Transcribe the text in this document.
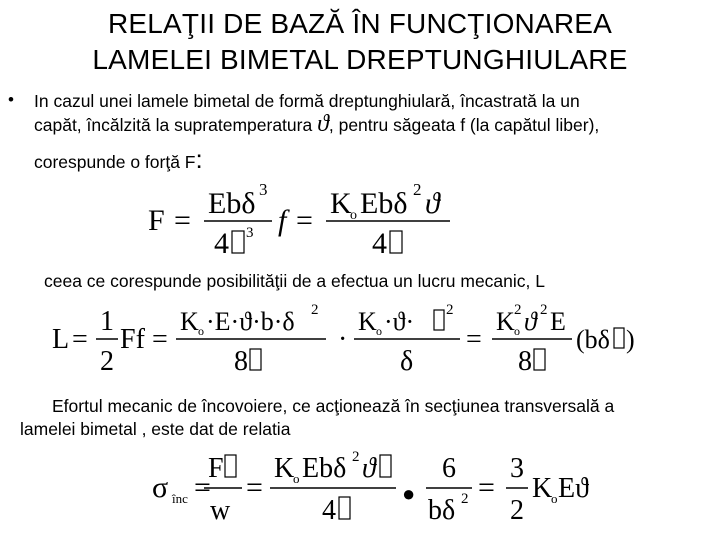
RELAŢII DE BAZĂ ÎN FUNCŢIONAREA
LAMELEI BIMETAL DREPTUNGHIULARE
• In cazul unei lamele bimetal de formă dreptunghiulară, încastrată la un
capăt, încălzită la supratemperatura ϑ, pentru săgeata f (la capătul liber),
corespunde o forţă F:
F =
Ebδ 3
4 3 f =
K
o Ebδ 2 ϑ
4
ceea ce corespunde posibilităţii de a efectua un lucru mecanic, L
L =
1
2
Ff =
K o ·E·ϑ·b·δ 2
8
·
K o ·ϑ· 2
δ
=
K o
2 ϑ 2 E
8
(bδ )
Efortul mecanic de încovoiere, ce acţionează în secţiunea transversală a
lamelei bimetal , este dat de relatia
σ înc =
F
w
=
K
o Ebδ 2 ϑ
4
●
6
bδ 2 =
3
2
K
o Eϑ
